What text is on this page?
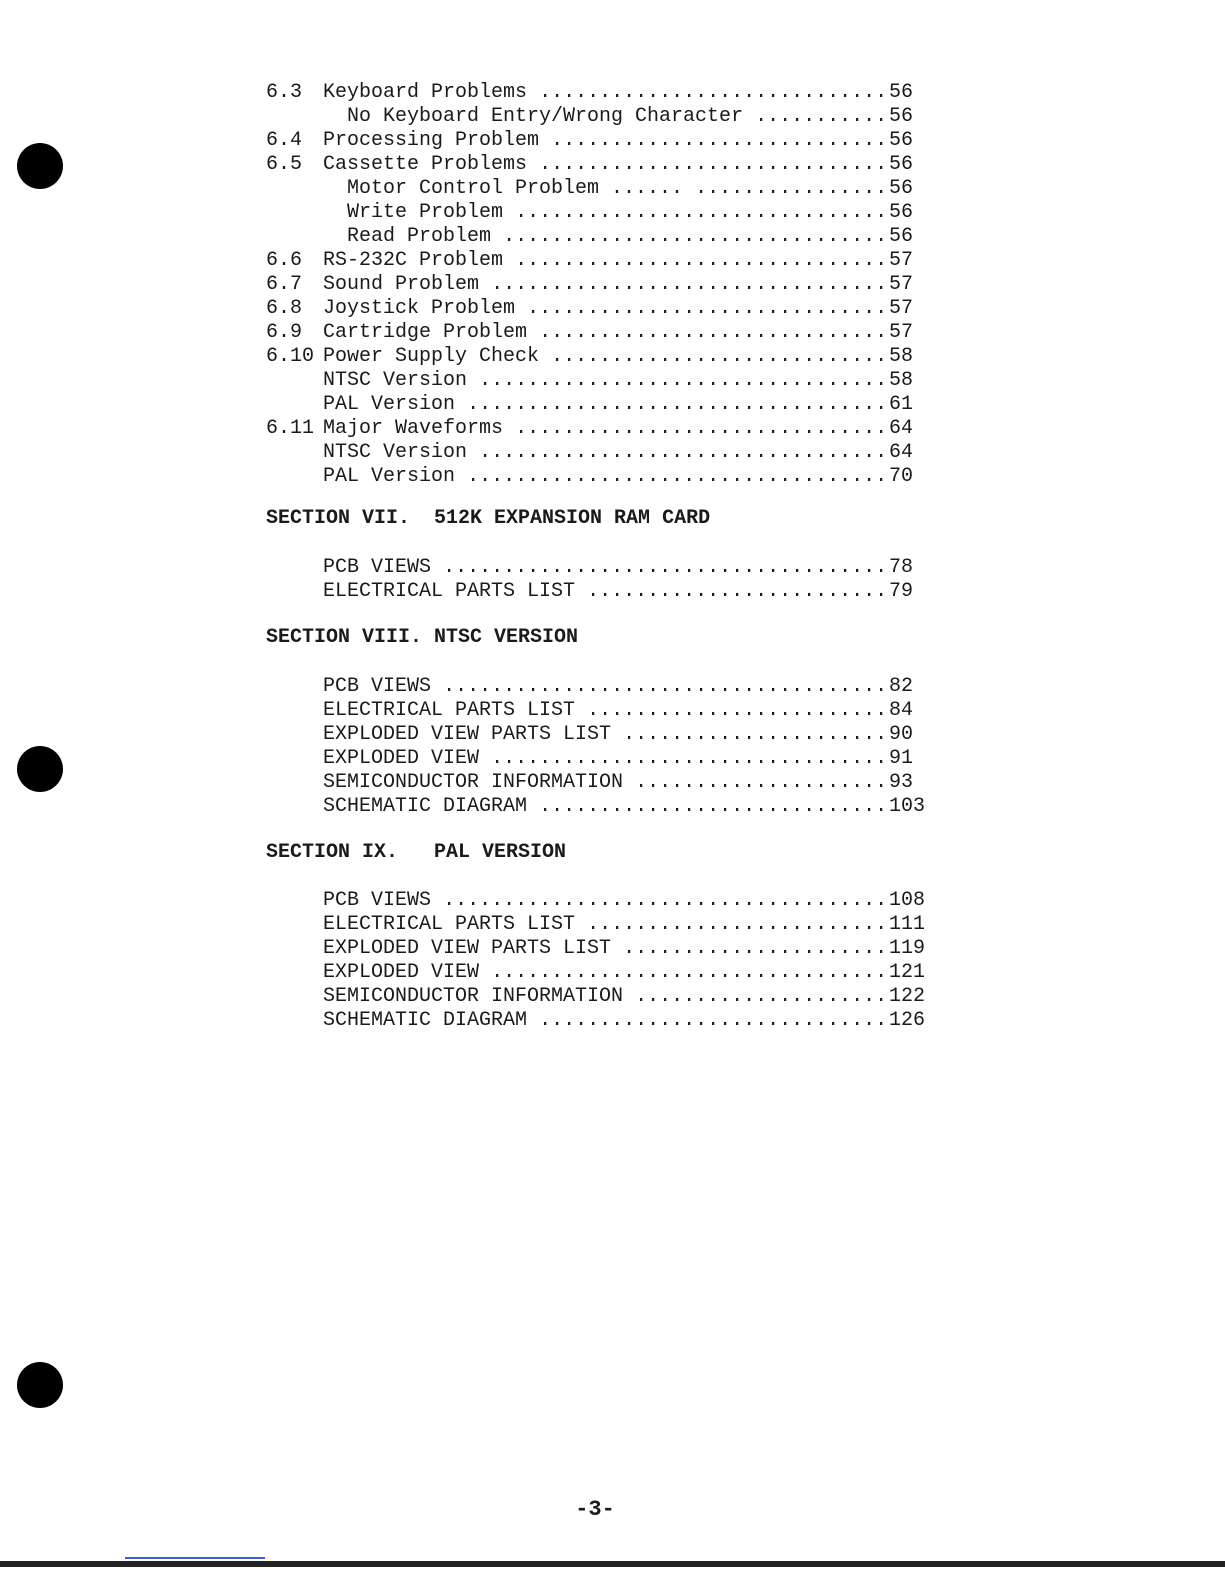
6.3 Keyboard Problems ............................. 56
No Keyboard Entry/Wrong Character ........... 56
6.4 Processing Problem ............................ 56
6.5 Cassette Problems ............................. 56
Motor Control Problem ...... ................ 56
Write Problem ............................... 56
Read Problem ................................ 56
6.6 RS-232C Problem ............................... 57
6.7 Sound Problem ................................. 57
6.8 Joystick Problem .............................. 57
6.9 Cartridge Problem ............................. 57
6.10 Power Supply Check ............................ 58
NTSC Version .................................. 58
PAL Version ................................... 61
6.11 Major Waveforms ............................... 64
NTSC Version .................................. 64
PAL Version ................................... 70
SECTION VII.  512K EXPANSION RAM CARD
PCB VIEWS ..................................... 78
ELECTRICAL PARTS LIST ......................... 79
SECTION VIII. NTSC VERSION
PCB VIEWS ..................................... 82
ELECTRICAL PARTS LIST ......................... 84
EXPLODED VIEW PARTS LIST ...................... 90
EXPLODED VIEW ................................. 91
SEMICONDUCTOR INFORMATION ..................... 93
SCHEMATIC DIAGRAM ............................. 103
SECTION IX.   PAL VERSION
PCB VIEWS ..................................... 108
ELECTRICAL PARTS LIST ......................... 111
EXPLODED VIEW PARTS LIST ...................... 119
EXPLODED VIEW ................................. 121
SEMICONDUCTOR INFORMATION ..................... 122
SCHEMATIC DIAGRAM ............................. 126
-3-
